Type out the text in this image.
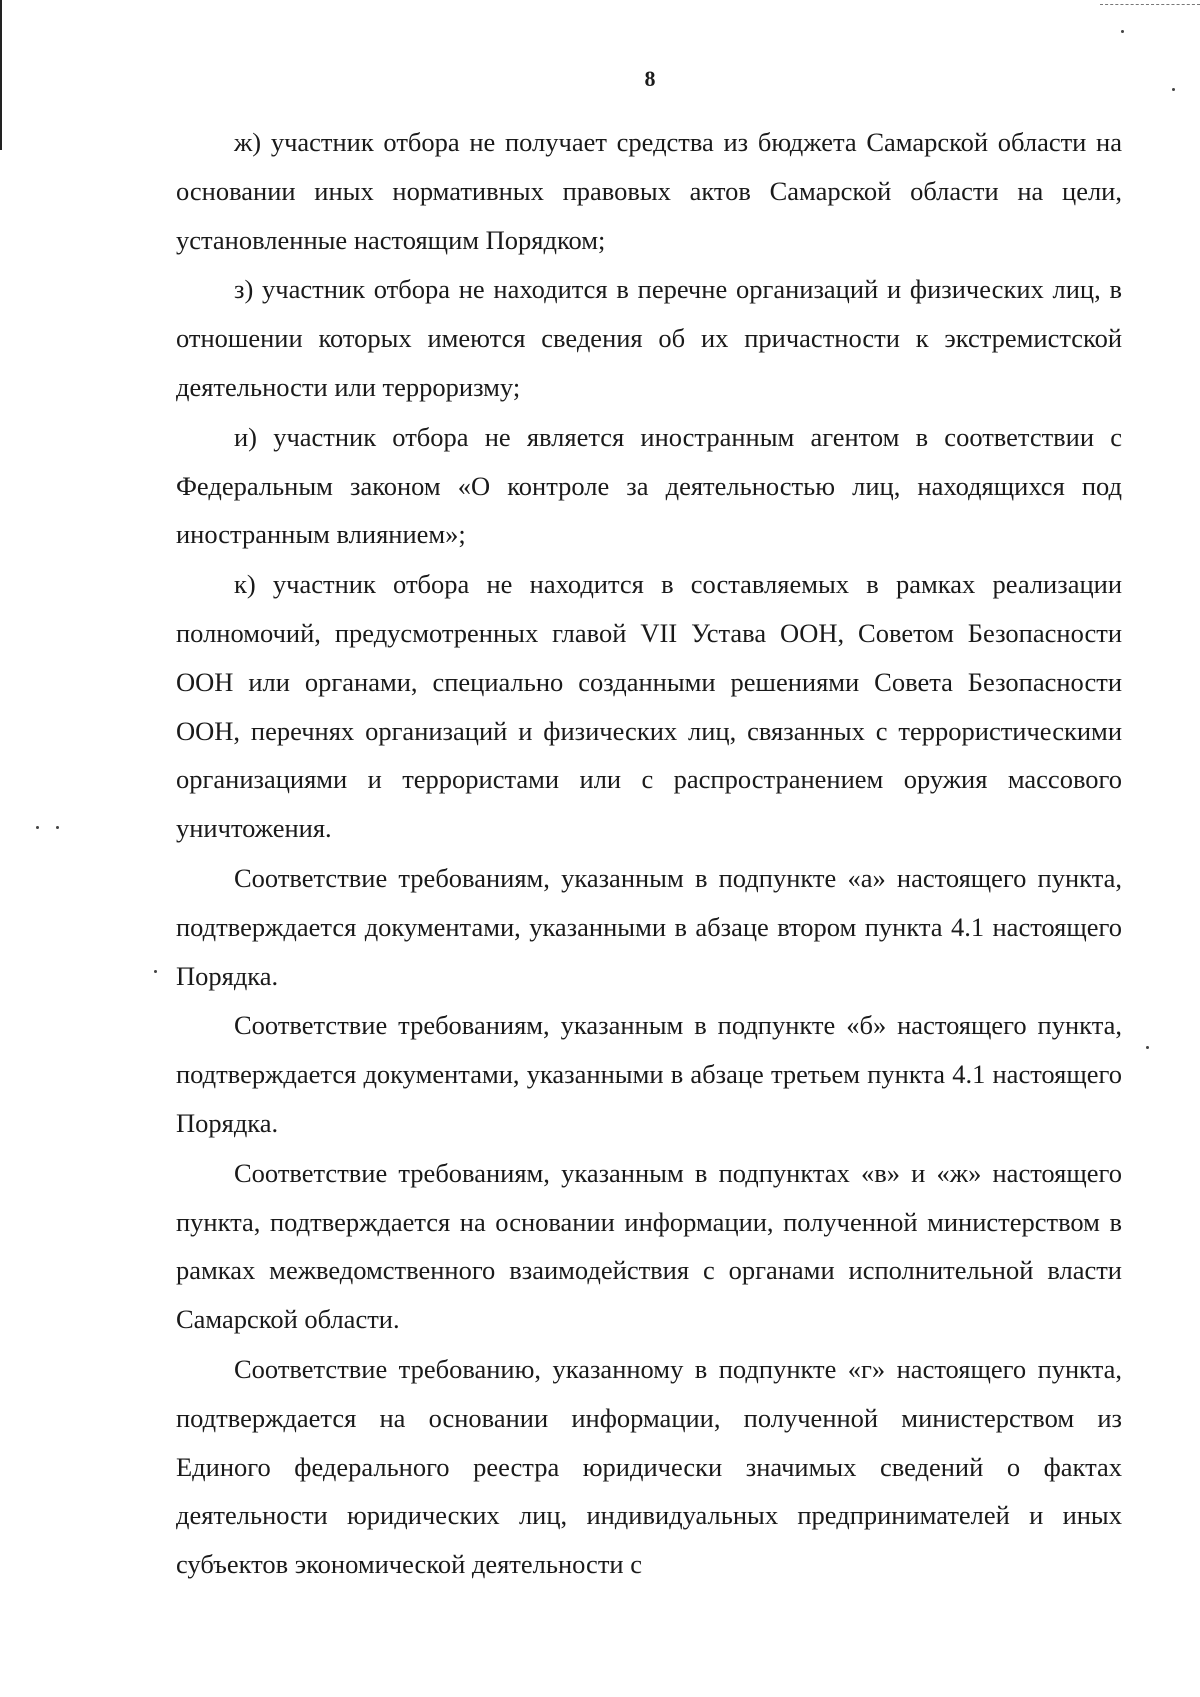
8

ж) участник отбора не получает средства из бюджета Самарской области на основании иных нормативных правовых актов Самарской области на цели, установленные настоящим Порядком;

з) участник отбора не находится в перечне организаций и физических лиц, в отношении которых имеются сведения об их причастности к экстремистской деятельности или терроризму;

и) участник отбора не является иностранным агентом в соответствии с Федеральным законом «О контроле за деятельностью лиц, находящихся под иностранным влиянием»;

к) участник отбора не находится в составляемых в рамках реализации полномочий, предусмотренных главой VII Устава ООН, Советом Безопасности ООН или органами, специально созданными решениями Совета Безопасности ООН, перечнях организаций и физических лиц, связанных с террористическими организациями и террористами или с распространением оружия массового уничтожения.

Соответствие требованиям, указанным в подпункте «а» настоящего пункта, подтверждается документами, указанными в абзаце втором пункта 4.1 настоящего Порядка.

Соответствие требованиям, указанным в подпункте «б» настоящего пункта, подтверждается документами, указанными в абзаце третьем пункта 4.1 настоящего Порядка.

Соответствие требованиям, указанным в подпунктах «в» и «ж» настоящего пункта, подтверждается на основании информации, полученной министерством в рамках межведомственного взаимодействия с органами исполнительной власти Самарской области.

Соответствие требованию, указанному в подпункте «г» настоящего пункта, подтверждается на основании информации, полученной министерством из Единого федерального реестра юридически значимых сведений о фактах деятельности юридических лиц, индивидуальных предпринимателей и иных субъектов экономической деятельности с
